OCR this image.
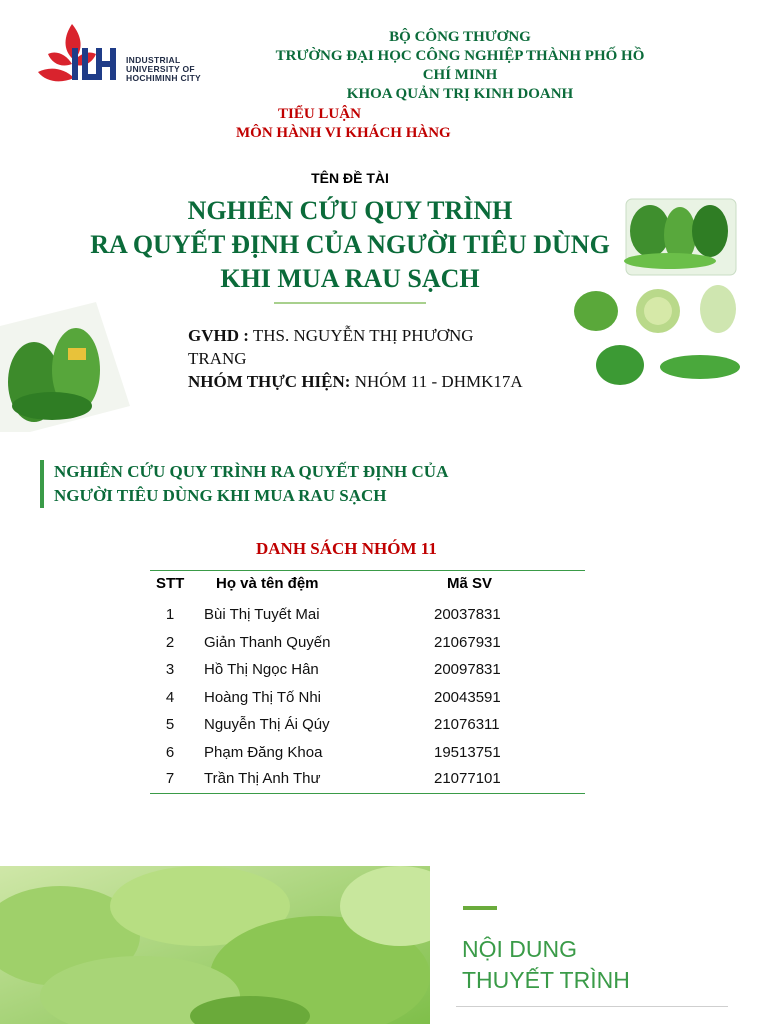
INDUSTRIAL
UNIVERSITY OF
HOCHIMINH CITY
BỘ CÔNG THƯƠNG
TRƯỜNG ĐẠI HỌC CÔNG NGHIỆP THÀNH PHỐ HỒ
CHÍ MINH
KHOA QUẢN TRỊ KINH DOANH
TIỂU LUẬN
MÔN HÀNH VI KHÁCH HÀNG
TÊN ĐỀ TÀI
NGHIÊN CỨU QUY TRÌNH
RA QUYẾT ĐỊNH CỦA NGƯỜI TIÊU DÙNG
KHI MUA RAU SẠCH
GVHD : THS. NGUYỄN THỊ PHƯƠNG TRANG
NHÓM THỰC HIỆN: NHÓM 11 - DHMK17A
NGHIÊN CỨU QUY TRÌNH RA QUYẾT ĐỊNH CỦA
NGƯỜI TIÊU DÙNG KHI MUA RAU SẠCH
DANH SÁCH NHÓM 11
STT Họ và tên đệm	Mã SV
1	Bùi Thị Tuyết Mai	20037831
2	Giản Thanh Quyến	21067931
3	Hồ Thị Ngọc Hân	20097831
4	Hoàng Thị Tố Nhi	20043591
5	Nguyễn Thị Ái Qúy	21076311
6	Phạm Đăng Khoa	19513751
7	Trần Thị Anh Thư	21077101
NỘI DUNG
THUYẾT TRÌNH
